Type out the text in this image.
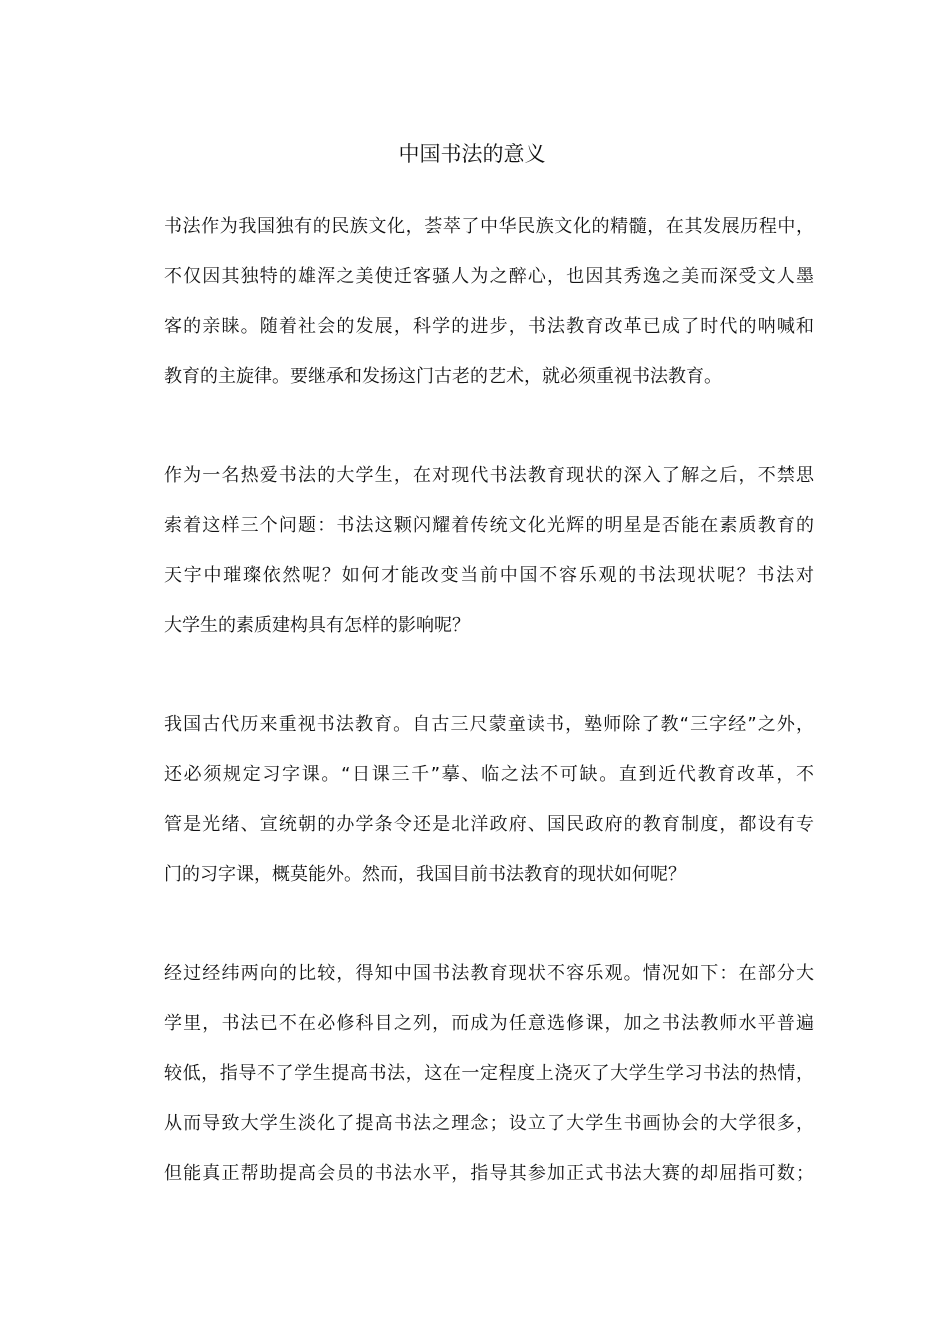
中国书法的意义
书法作为我国独有的民族文化，荟萃了中华民族文化的精髓，在其发展历程中，
不仅因其独特的雄浑之美使迁客骚人为之醉心，也因其秀逸之美而深受文人墨
客的亲睐。随着社会的发展，科学的进步，书法教育改革已成了时代的呐喊和
教育的主旋律。要继承和发扬这门古老的艺术，就必须重视书法教育。
作为一名热爱书法的大学生，在对现代书法教育现状的深入了解之后，不禁思
索着这样三个问题：书法这颗闪耀着传统文化光辉的明星是否能在素质教育的
天宇中璀璨依然呢？如何才能改变当前中国不容乐观的书法现状呢？书法对
大学生的素质建构具有怎样的影响呢？
我国古代历来重视书法教育。自古三尺蒙童读书，塾师除了教“三字经”之外，
还必须规定习字课。“日课三千”摹、临之法不可缺。直到近代教育改革，不
管是光绪、宣统朝的办学条令还是北洋政府、国民政府的教育制度，都设有专
门的习字课，概莫能外。然而，我国目前书法教育的现状如何呢？
经过经纬两向的比较，得知中国书法教育现状不容乐观。情况如下：在部分大
学里，书法已不在必修科目之列，而成为任意选修课，加之书法教师水平普遍
较低，指导不了学生提高书法，这在一定程度上浇灭了大学生学习书法的热情，
从而导致大学生淡化了提高书法之理念；设立了大学生书画协会的大学很多，
但能真正帮助提高会员的书法水平，指导其参加正式书法大赛的却屈指可数；
